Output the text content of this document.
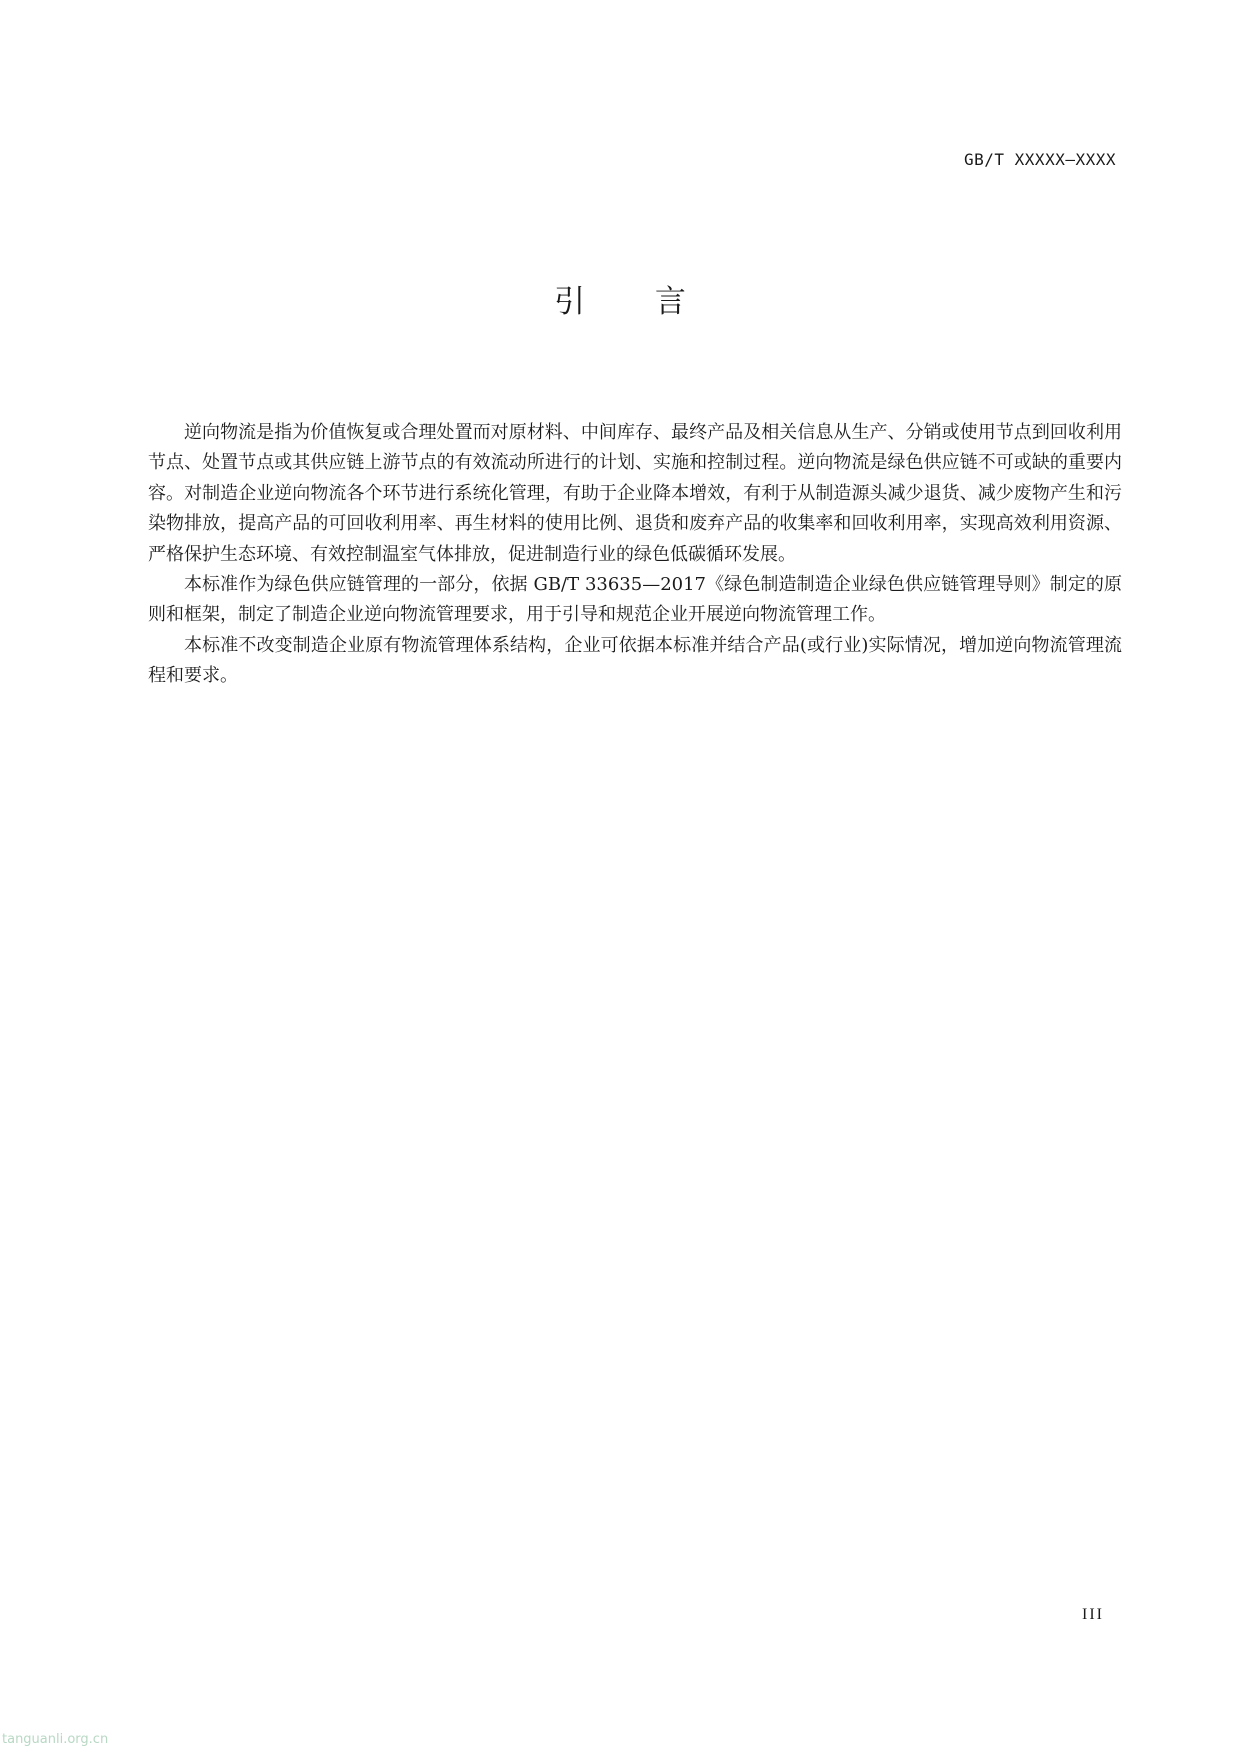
GB/T XXXXX—XXXX
引 言

逆向物流是指为价值恢复或合理处置而对原材料、中间库存、最终产品及相关信息从生产、分销或使用节点到回收利用节点、处置节点或其供应链上游节点的有效流动所进行的计划、实施和控制过程。逆向物流是绿色供应链不可或缺的重要内容。对制造企业逆向物流各个环节进行系统化管理，有助于企业降本增效，有利于从制造源头减少退货、减少废物产生和污染物排放，提高产品的可回收利用率、再生材料的使用比例、退货和废弃产品的收集率和回收利用率，实现高效利用资源、严格保护生态环境、有效控制温室气体排放，促进制造行业的绿色低碳循环发展。

本标准作为绿色供应链管理的一部分，依据 GB/T 33635—2017《绿色制造制造企业绿色供应链管理导则》制定的原则和框架，制定了制造企业逆向物流管理要求，用于引导和规范企业开展逆向物流管理工作。

本标准不改变制造企业原有物流管理体系结构，企业可依据本标准并结合产品(或行业)实际情况，增加逆向物流管理流程和要求。

III
tanguanli.org.cn
